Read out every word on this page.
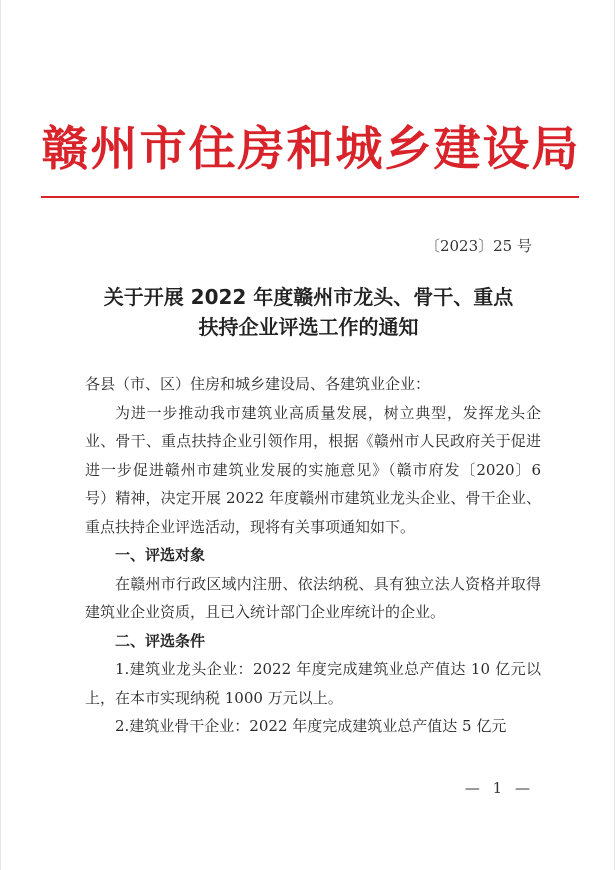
赣州市住房和城乡建设局
〔2023〕25 号
关于开展 2022 年度赣州市龙头、骨干、重点
扶持企业评选工作的通知

各县（市、区）住房和城乡建设局、各建筑业企业：

为进一步推动我市建筑业高质量发展，树立典型，发挥龙头企业、骨干、重点扶持企业引领作用，根据《赣州市人民政府关于促进进一步促进赣州市建筑业发展的实施意见》（赣市府发〔2020〕6 号）精神，决定开展 2022 年度赣州市建筑业龙头企业、骨干企业、重点扶持企业评选活动，现将有关事项通知如下。

一、评选对象

在赣州市行政区域内注册、依法纳税、具有独立法人资格并取得建筑业企业资质，且已入统计部门企业库统计的企业。

二、评选条件

1.建筑业龙头企业：2022 年度完成建筑业总产值达 10 亿元以上，在本市实现纳税 1000 万元以上。

2.建筑业骨干企业：2022 年度完成建筑业总产值达 5 亿元

— 1 —
